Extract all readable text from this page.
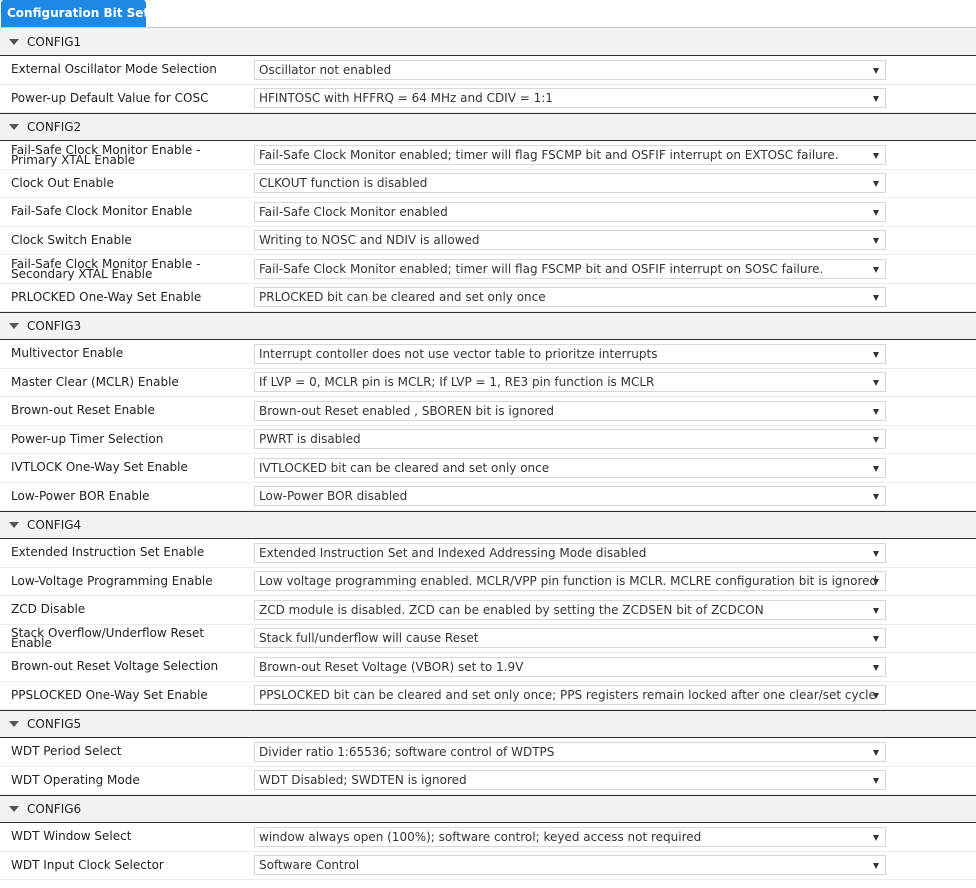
Configuration Bit Setup
CONFIG1
External Oscillator Mode Selection	Oscillator not enabled
Power-up Default Value for COSC	HFINTOSC with HFFRQ = 64 MHz and CDIV = 1:1
CONFIG2
Fail-Safe Clock Monitor Enable - Primary XTAL Enable	Fail-Safe Clock Monitor enabled; timer will flag FSCMP bit and OSFIF interrupt on EXTOSC failure.
Clock Out Enable	CLKOUT function is disabled
Fail-Safe Clock Monitor Enable	Fail-Safe Clock Monitor enabled
Clock Switch Enable	Writing to NOSC and NDIV is allowed
Fail-Safe Clock Monitor Enable - Secondary XTAL Enable	Fail-Safe Clock Monitor enabled; timer will flag FSCMP bit and OSFIF interrupt on SOSC failure.
PRLOCKED One-Way Set Enable	PRLOCKED bit can be cleared and set only once
CONFIG3
Multivector Enable	Interrupt contoller does not use vector table to prioritze interrupts
Master Clear (MCLR) Enable	If LVP = 0, MCLR pin is MCLR; If LVP = 1, RE3 pin function is MCLR
Brown-out Reset Enable	Brown-out Reset enabled , SBOREN bit is ignored
Power-up Timer Selection	PWRT is disabled
IVTLOCK One-Way Set Enable	IVTLOCKED bit can be cleared and set only once
Low-Power BOR Enable	Low-Power BOR disabled
CONFIG4
Extended Instruction Set Enable	Extended Instruction Set and Indexed Addressing Mode disabled
Low-Voltage Programming Enable	Low voltage programming enabled. MCLR/VPP pin function is MCLR. MCLRE configuration bit is ignored
ZCD Disable	ZCD module is disabled. ZCD can be enabled by setting the ZCDSEN bit of ZCDCON
Stack Overflow/Underflow Reset Enable	Stack full/underflow will cause Reset
Brown-out Reset Voltage Selection	Brown-out Reset Voltage (VBOR) set to 1.9V
PPSLOCKED One-Way Set Enable	PPSLOCKED bit can be cleared and set only once; PPS registers remain locked after one clear/set cycle
CONFIG5
WDT Period Select	Divider ratio 1:65536; software control of WDTPS
WDT Operating Mode	WDT Disabled; SWDTEN is ignored
CONFIG6
WDT Window Select	window always open (100%); software control; keyed access not required
WDT Input Clock Selector	Software Control
